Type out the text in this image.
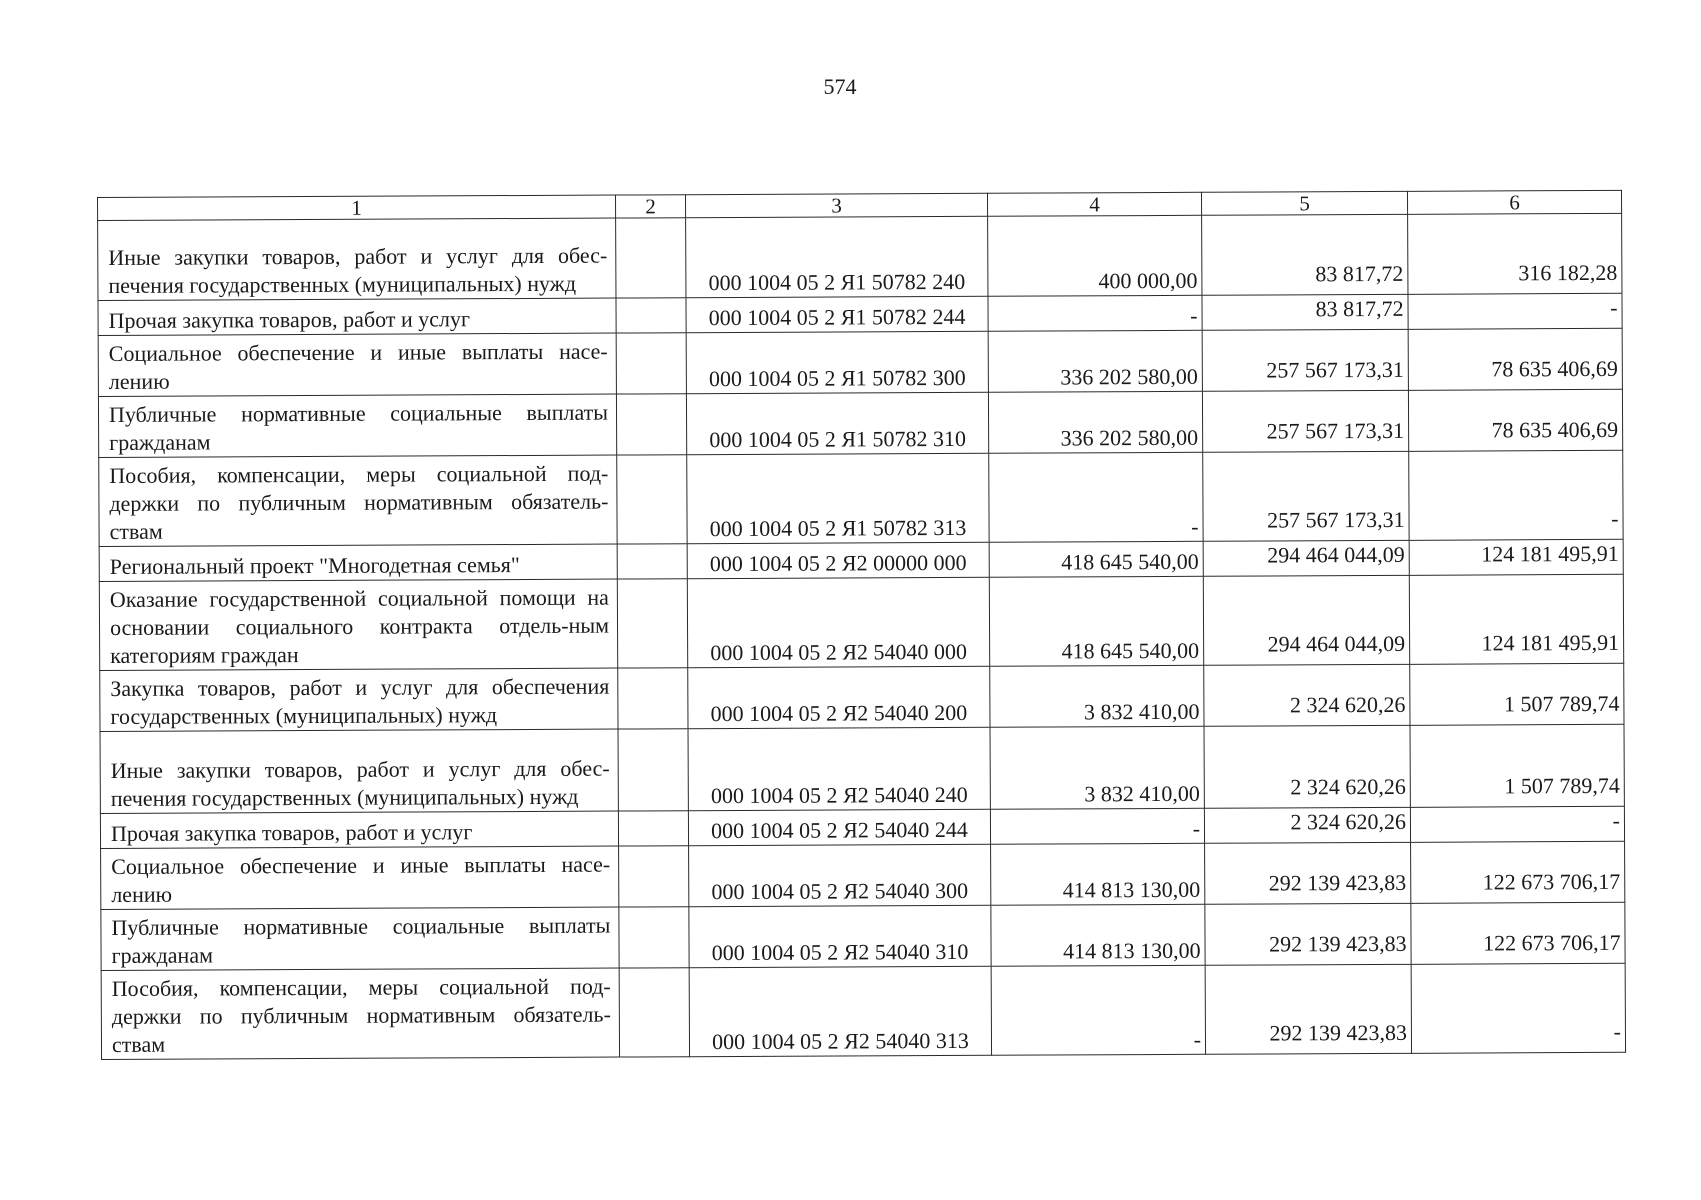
574
1	2	3	4	5	6
Иные закупки товаров, работ и услуг для обес-печения государственных (муниципальных) нужд		000 1004 05 2 Я1 50782 240	400 000,00	83 817,72	316 182,28
Прочая закупка товаров, работ и услуг		000 1004 05 2 Я1 50782 244	-	83 817,72	-
Социальное обеспечение и иные выплаты насе-лению		000 1004 05 2 Я1 50782 300	336 202 580,00	257 567 173,31	78 635 406,69
Публичные нормативные социальные выплаты гражданам		000 1004 05 2 Я1 50782 310	336 202 580,00	257 567 173,31	78 635 406,69
Пособия, компенсации, меры социальной под-держки по публичным нормативным обязатель-ствам		000 1004 05 2 Я1 50782 313	-	257 567 173,31	-
Региональный проект "Многодетная семья"		000 1004 05 2 Я2 00000 000	418 645 540,00	294 464 044,09	124 181 495,91
Оказание государственной социальной помощи на основании социального контракта отдель-ным категориям граждан		000 1004 05 2 Я2 54040 000	418 645 540,00	294 464 044,09	124 181 495,91
Закупка товаров, работ и услуг для обеспечения государственных (муниципальных) нужд		000 1004 05 2 Я2 54040 200	3 832 410,00	2 324 620,26	1 507 789,74
Иные закупки товаров, работ и услуг для обес-печения государственных (муниципальных) нужд		000 1004 05 2 Я2 54040 240	3 832 410,00	2 324 620,26	1 507 789,74
Прочая закупка товаров, работ и услуг		000 1004 05 2 Я2 54040 244	-	2 324 620,26	-
Социальное обеспечение и иные выплаты насе-лению		000 1004 05 2 Я2 54040 300	414 813 130,00	292 139 423,83	122 673 706,17
Публичные нормативные социальные выплаты гражданам		000 1004 05 2 Я2 54040 310	414 813 130,00	292 139 423,83	122 673 706,17
Пособия, компенсации, меры социальной под-держки по публичным нормативным обязатель-ствам		000 1004 05 2 Я2 54040 313	-	292 139 423,83	-
